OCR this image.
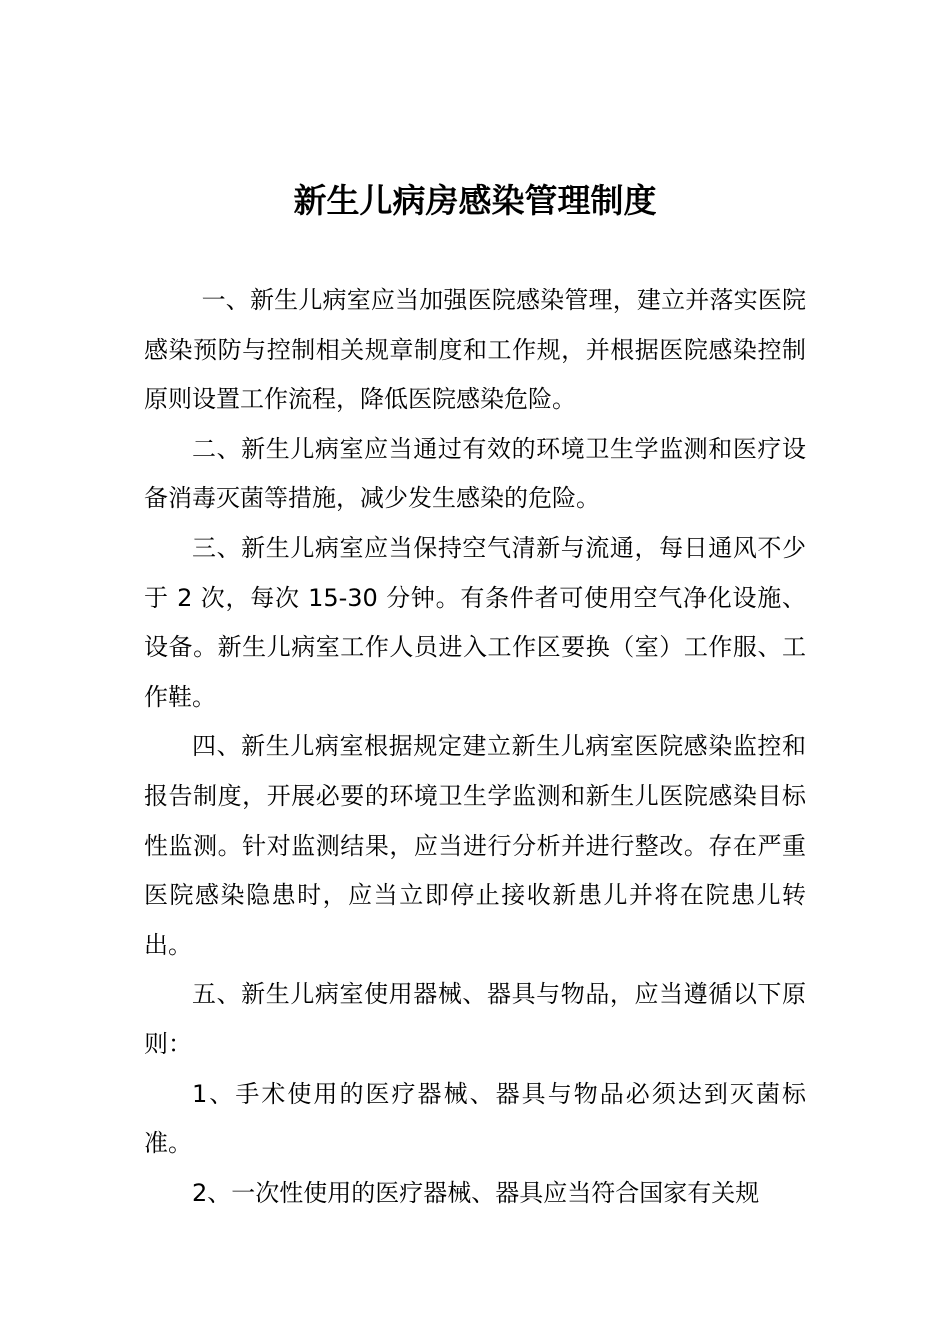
新生儿病房感染管理制度

一、新生儿病室应当加强医院感染管理，建立并落实医院感染预防与控制相关规章制度和工作规，并根据医院感染控制原则设置工作流程，降低医院感染危险。

二、新生儿病室应当通过有效的环境卫生学监测和医疗设备消毒灭菌等措施，减少发生感染的危险。

三、新生儿病室应当保持空气清新与流通，每日通风不少于 2 次，每次 15-30 分钟。有条件者可使用空气净化设施、设备。新生儿病室工作人员进入工作区要换（室）工作服、工作鞋。

四、新生儿病室根据规定建立新生儿病室医院感染监控和报告制度，开展必要的环境卫生学监测和新生儿医院感染目标性监测。针对监测结果，应当进行分析并进行整改。存在严重医院感染隐患时，应当立即停止接收新患儿并将在院患儿转出。

五、新生儿病室使用器械、器具与物品，应当遵循以下原则：

1、手术使用的医疗器械、器具与物品必须达到灭菌标准。

2、一次性使用的医疗器械、器具应当符合国家有关规
